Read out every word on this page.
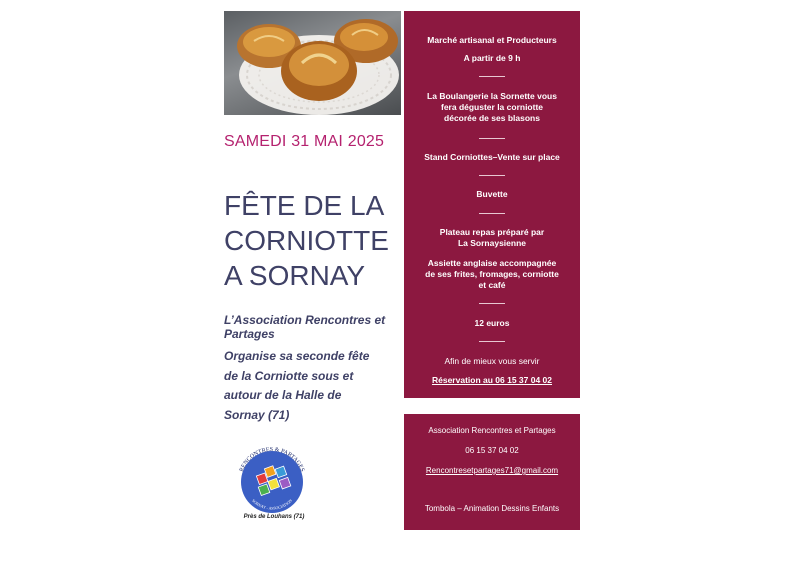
SAMEDI 31 MAI 2025
FÊTE DE LA
CORNIOTTE
A SORNAY
L’Association Rencontres et
Partages
Organise sa seconde fête
de la Corniotte sous et
autour de la Halle de
Sornay (71)
RENCONTRES & PARTAGES
SORNAY - ASSOCIATION
Près de Louhans (71)
Marché artisanal et Producteurs
A partir de 9 h
La Boulangerie la Sornette vous
fera déguster la corniotte
décorée de ses blasons
Stand Corniottes–Vente sur place
Buvette
Plateau repas préparé par
La Sornaysienne
Assiette anglaise accompagnée
de ses frites, fromages, corniotte
et café
12 euros
Afin de mieux vous servir
Réservation au 06 15 37 04 02
Association Rencontres et Partages
06 15 37 04 02
Rencontresetpartages71@gmail.com
Tombola – Animation Dessins Enfants
